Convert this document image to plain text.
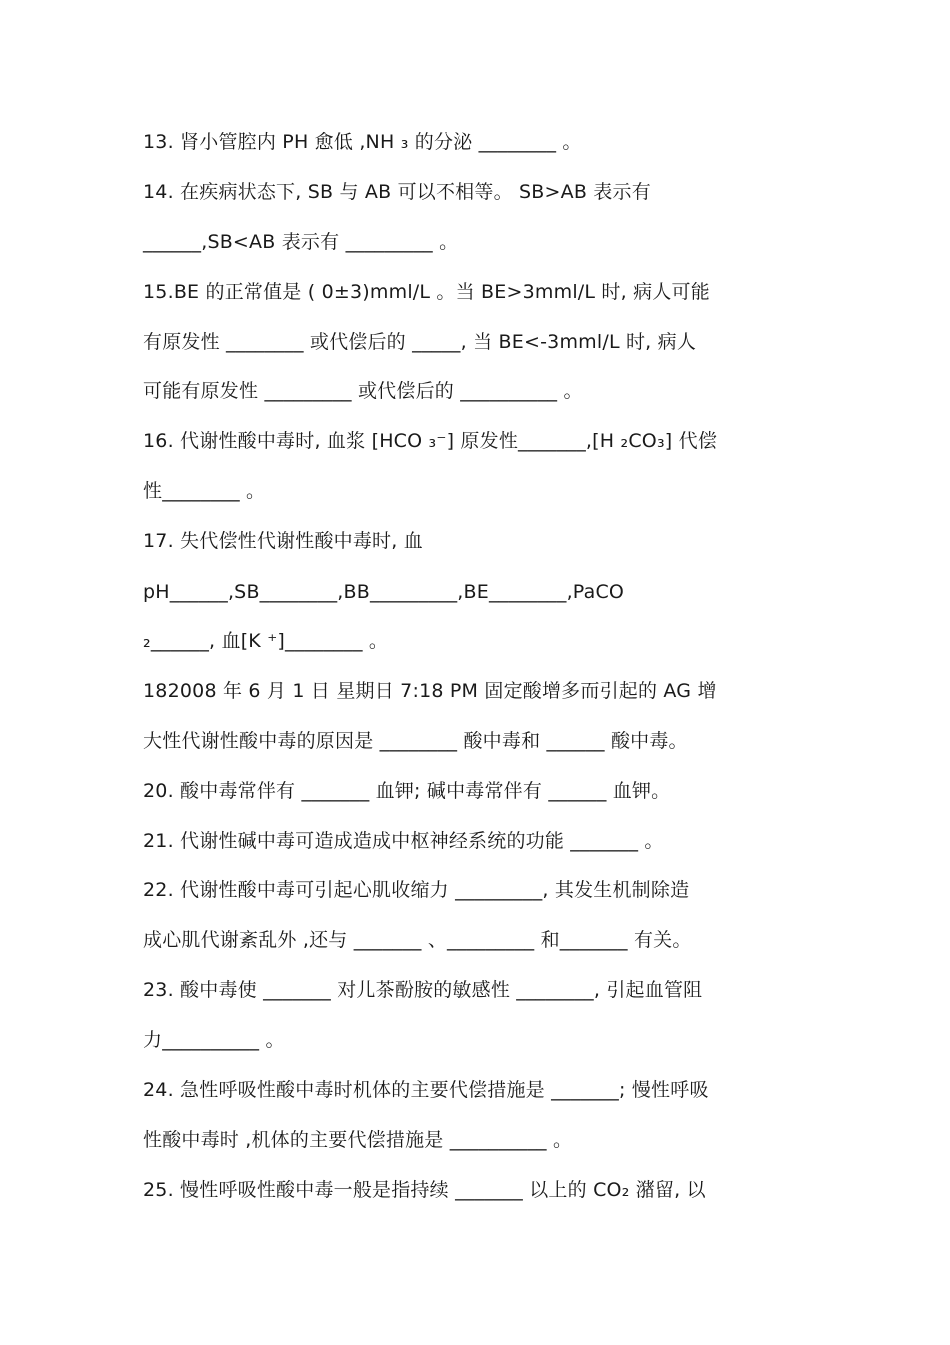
13. 肾小管腔内 PH 愈低 ,NH ₃ 的分泌 ________ 。
14. 在疾病状态下, SB 与 AB 可以不相等。 SB>AB 表示有
______,SB<AB 表示有 _________ 。
15.BE 的正常值是 ( 0±3)mml/L 。当 BE>3mml/L 时, 病人可能
有原发性 ________ 或代偿后的 _____, 当 BE<-3mml/L 时, 病人
可能有原发性 _________ 或代偿后的 __________ 。
16. 代谢性酸中毒时, 血浆 [HCO ₃⁻] 原发性_______,[H ₂CO₃] 代偿
性________ 。
17. 失代偿性代谢性酸中毒时, 血
pH______,SB________,BB_________,BE________,PaCO
₂______, 血[K ⁺]________ 。
182008 年 6 月 1 日 星期日 7:18 PM 固定酸增多而引起的 AG 增
大性代谢性酸中毒的原因是 ________ 酸中毒和 ______ 酸中毒。
20. 酸中毒常伴有 _______ 血钾; 碱中毒常伴有 ______ 血钾。
21. 代谢性碱中毒可造成造成中枢神经系统的功能 _______ 。
22. 代谢性酸中毒可引起心肌收缩力 _________, 其发生机制除造
成心肌代谢紊乱外 ,还与 _______ 、_________ 和_______ 有关。
23. 酸中毒使 _______ 对儿茶酚胺的敏感性 ________, 引起血管阻
力__________ 。
24. 急性呼吸性酸中毒时机体的主要代偿措施是 _______; 慢性呼吸
性酸中毒时 ,机体的主要代偿措施是 __________ 。
25. 慢性呼吸性酸中毒一般是指持续 _______ 以上的 CO₂ 潴留, 以
